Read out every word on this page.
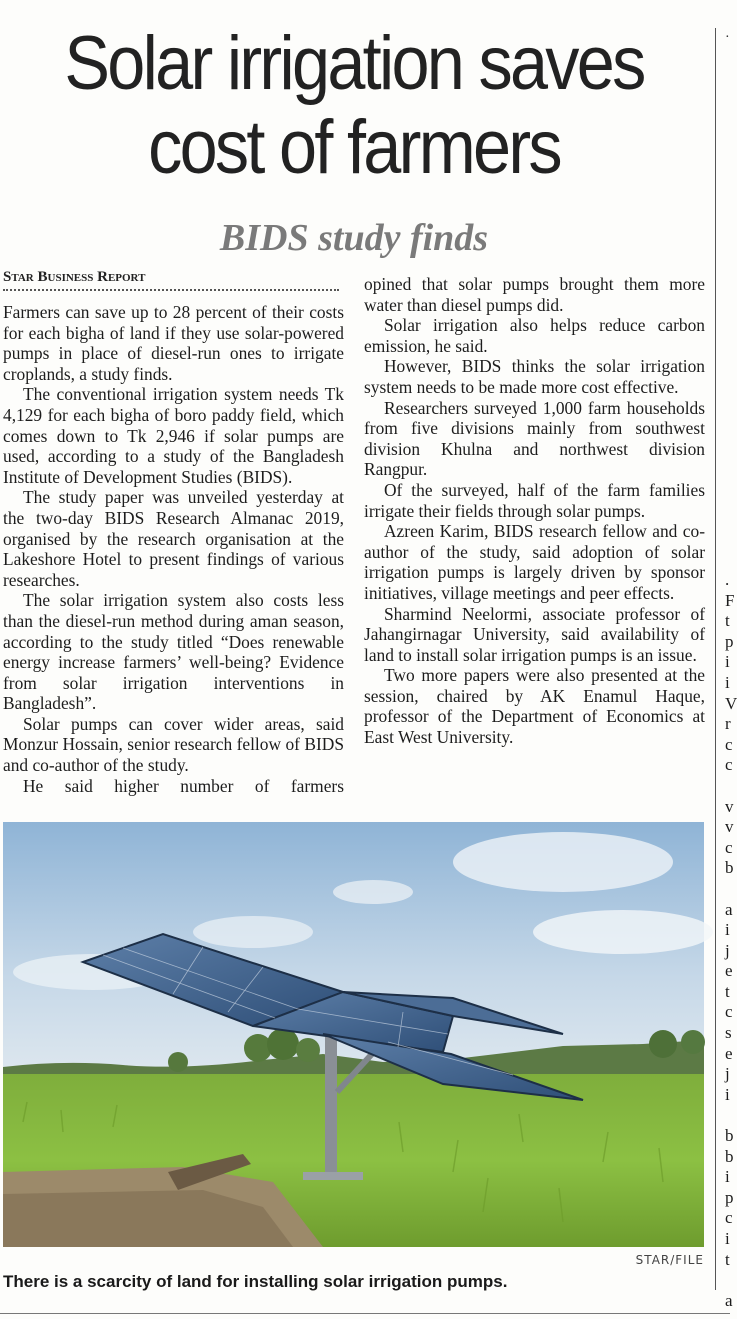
·
Solar irrigation saves
cost of farmers
BIDS study finds
Star Business Report

Farmers can save up to 28 percent of their costs for each bigha of land if they use solar-powered pumps in place of diesel-run ones to irrigate croplands, a study finds.

The conventional irrigation system needs Tk 4,129 for each bigha of boro paddy field, which comes down to Tk 2,946 if solar pumps are used, according to a study of the Bangladesh Institute of Development Studies (BIDS).

The study paper was unveiled yesterday at the two-day BIDS Research Almanac 2019, organised by the research organisation at the Lakeshore Hotel to present findings of various researches.

The solar irrigation system also costs less than the diesel-run method during aman season, according to the study titled “Does renewable energy increase farmers’ well-being? Evidence from solar irrigation interventions in Bangladesh”.

Solar pumps can cover wider areas, said Monzur Hossain, senior research fellow of BIDS and co-author of the study.

He said higher number of farmers

opined that solar pumps brought them more water than diesel pumps did.

Solar irrigation also helps reduce carbon emission, he said.

However, BIDS thinks the solar irrigation system needs to be made more cost effective.

Researchers surveyed 1,000 farm households from five divisions mainly from southwest division Khulna and northwest division Rangpur.

Of the surveyed, half of the farm families irrigate their fields through solar pumps.

Azreen Karim, BIDS research fellow and co-author of the study, said adoption of solar irrigation pumps is largely driven by sponsor initiatives, village meetings and peer effects.

Sharmind Neelormi, associate professor of Jahangirnagar University, said availability of land to install solar irrigation pumps is an issue.

Two more papers were also presented at the session, chaired by AK Enamul Haque, professor of the Department of Economics at East West University.

STAR/FILE
There is a scarcity of land for installing solar irrigation pumps.
.
F
t
p
i
i
V
r
c
c
v
v
c
b
a
i
j
e
t
c
s
e
j
i
b
b
i
p
c
i
t
a
